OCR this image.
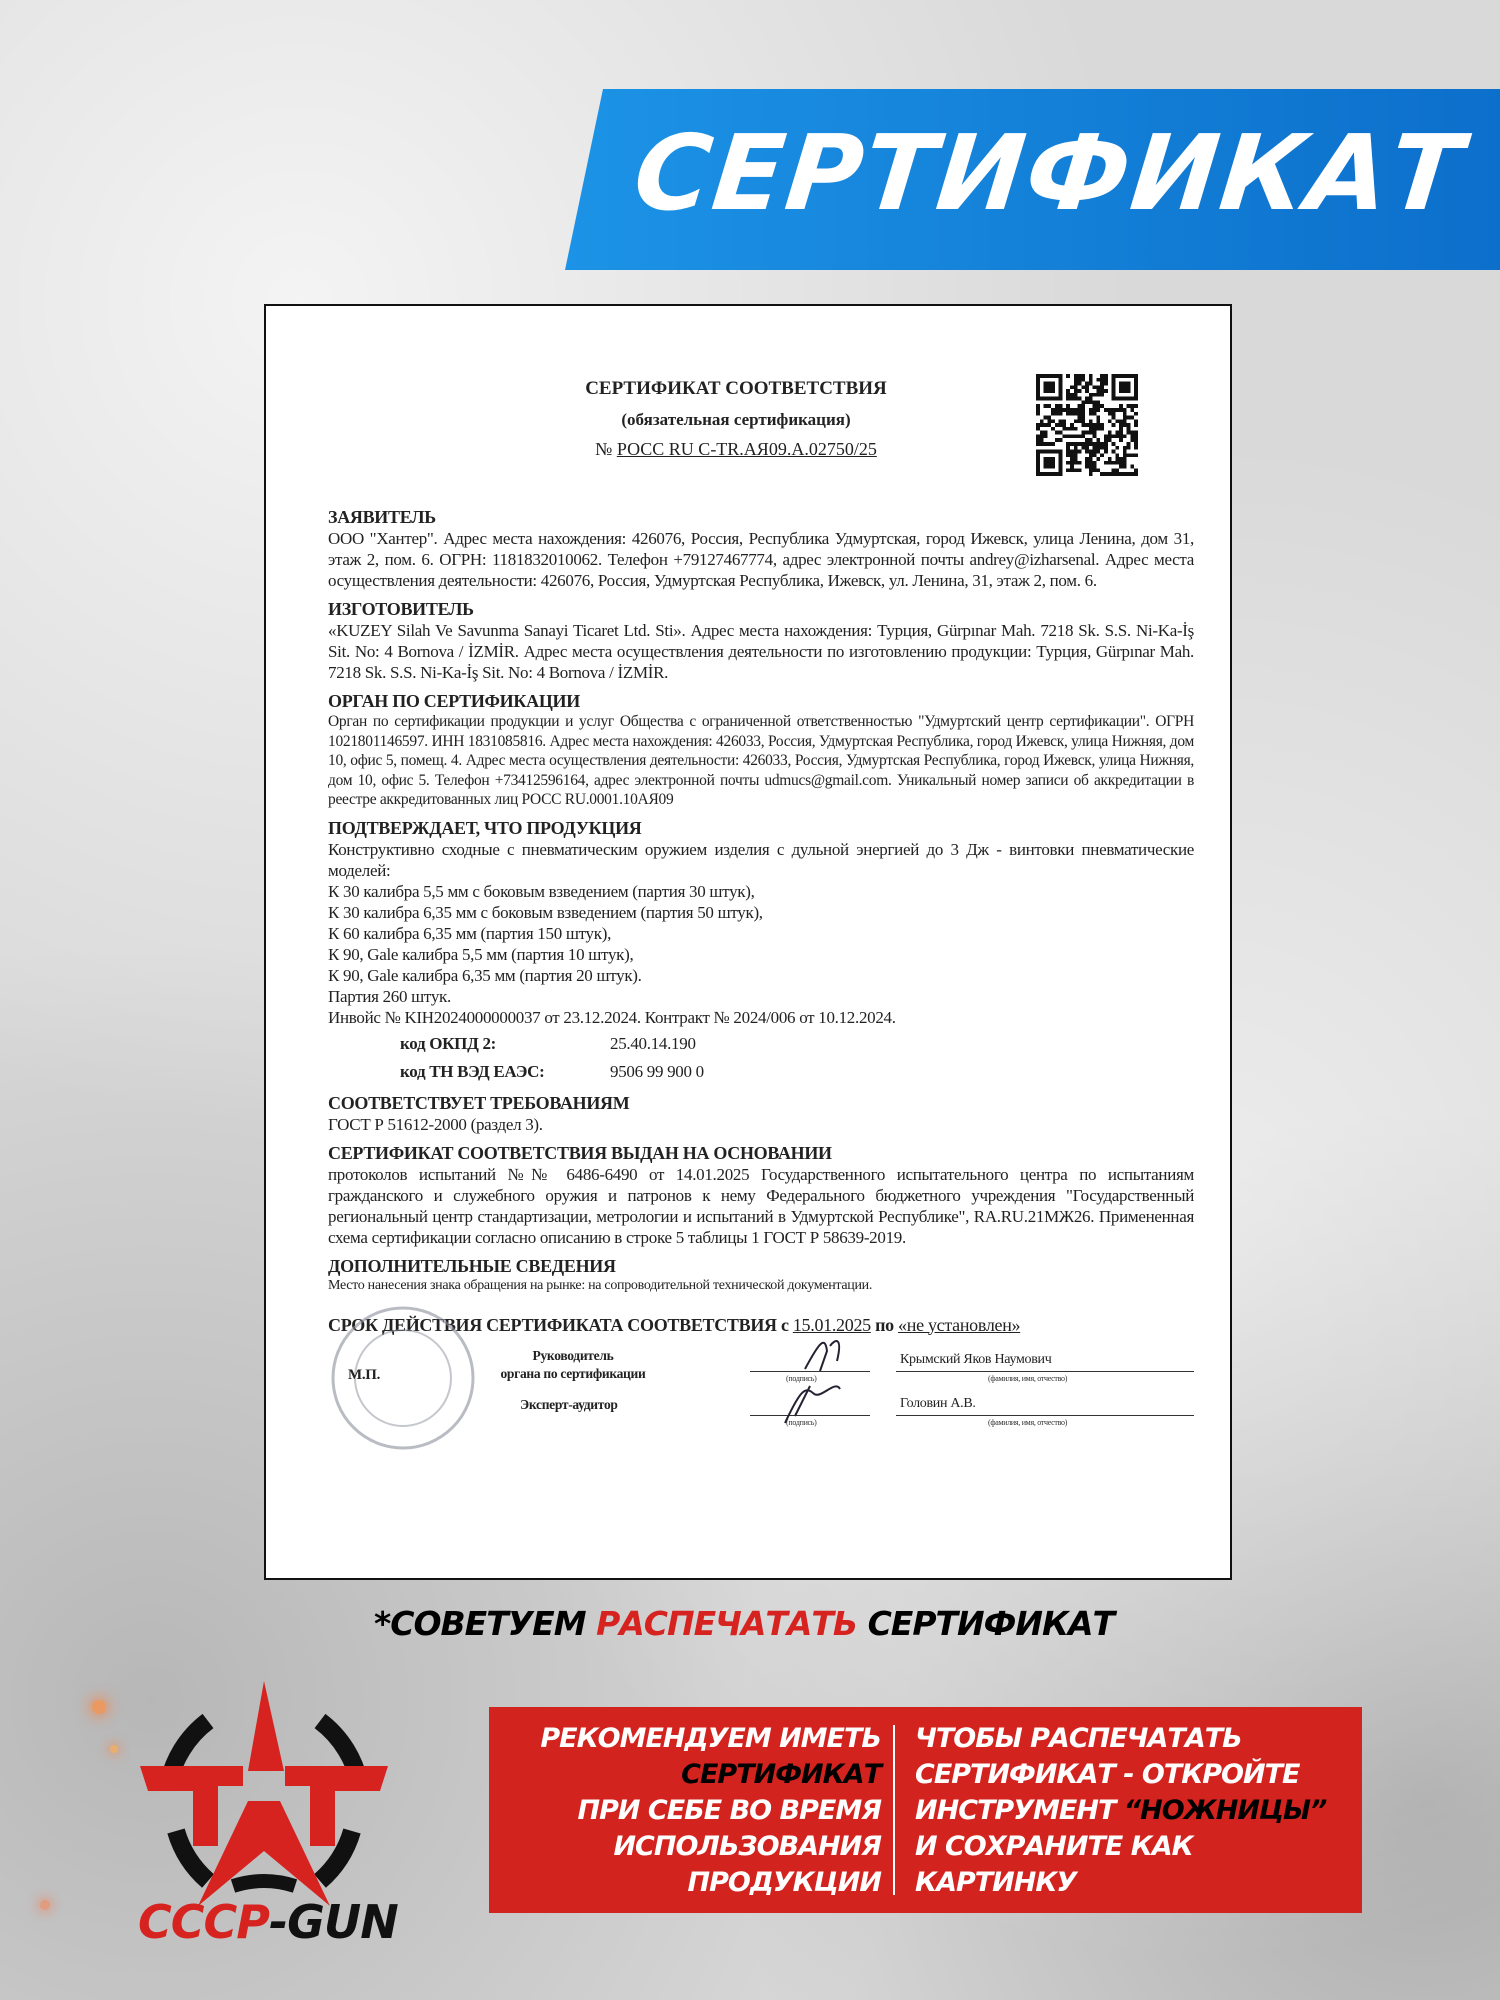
СЕРТИФИКАТ
СЕРТИФИКАТ СООТВЕТСТВИЯ
(обязательная сертификация)
№ РОСС RU С-TR.АЯ09.А.02750/25
ЗАЯВИТЕЛЬ

ООО "Хантер". Адрес места нахождения: 426076, Россия, Республика Удмуртская, город Ижевск, улица Ленина, дом 31, этаж 2, пом. 6. ОГРН: 1181832010062. Телефон +79127467774, адрес электронной почты andrey@izharsenal. Адрес места осуществления деятельности: 426076, Россия, Удмуртская Республика, Ижевск, ул. Ленина, 31, этаж 2, пом. 6.

ИЗГОТОВИТЕЛЬ

«KUZEY Silah Ve Savunma Sanayi Ticaret Ltd. Sti». Адрес места нахождения: Турция, Gürpınar Mah. 7218 Sk. S.S. Ni-Ka-İş Sit. No: 4 Bornova / İZMİR. Адрес места осуществления деятельности по изготовлению продукции: Турция, Gürpınar Mah. 7218 Sk. S.S. Ni-Ka-İş Sit. No: 4 Bornova / İZMİR.

ОРГАН ПО СЕРТИФИКАЦИИ

Орган по сертификации продукции и услуг Общества с ограниченной ответственностью "Удмуртский центр сертификации". ОГРН 1021801146597. ИНН 1831085816. Адрес места нахождения: 426033, Россия, Удмуртская Республика, город Ижевск, улица Нижняя, дом 10, офис 5, помещ. 4. Адрес места осуществления деятельности: 426033, Россия, Удмуртская Республика, город Ижевск, улица Нижняя, дом 10, офис 5. Телефон +73412596164, адрес электронной почты udmucs@gmail.com. Уникальный номер записи об аккредитации в реестре аккредитованных лиц РОСС RU.0001.10АЯ09

ПОДТВЕРЖДАЕТ, ЧТО ПРОДУКЦИЯ

Конструктивно сходные с пневматическим оружием изделия с дульной энергией до 3 Дж - винтовки пневматические моделей:

К 30 калибра 5,5 мм с боковым взведением (партия 30 штук),
К 30 калибра 6,35 мм с боковым взведением (партия 50 штук),
К 60 калибра 6,35 мм (партия 150 штук),
К 90, Gale калибра 5,5 мм (партия 10 штук),
К 90, Gale калибра 6,35 мм (партия 20 штук).
Партия 260 штук.
Инвойс № KIH2024000000037 от 23.12.2024. Контракт № 2024/006 от 10.12.2024.
код ОКПД 2:	25.40.14.190
код ТН ВЭД ЕАЭС:	9506 99 900 0
СООТВЕТСТВУЕТ ТРЕБОВАНИЯМ

ГОСТ Р 51612-2000 (раздел 3).

СЕРТИФИКАТ СООТВЕТСТВИЯ ВЫДАН НА ОСНОВАНИИ

протоколов испытаний №№ 6486-6490 от 14.01.2025 Государственного испытательного центра по испытаниям гражданского и служебного оружия и патронов к нему Федерального бюджетного учреждения "Государственный региональный центр стандартизации, метрологии и испытаний в Удмуртской Республике", RA.RU.21МЖ26. Примененная схема сертификации согласно описанию в строке 5 таблицы 1 ГОСТ Р 58639-2019.

ДОПОЛНИТЕЛЬНЫЕ СВЕДЕНИЯ

Место нанесения знака обращения на рынке: на сопроводительной технической документации.

СРОК ДЕЙСТВИЯ СЕРТИФИКАТА СООТВЕТСТВИЯ с 15.01.2025 по «не установлен»
М.П.
Руководитель
органа по сертификации
Эксперт-аудитор
Крымский Яков Наумович
Головин А.В.
(подпись)
(подпись)
(фамилия, имя, отчество)
(фамилия, имя, отчество)
*СОВЕТУЕМ РАСПЕЧАТАТЬ СЕРТИФИКАТ
СССР-GUN
РЕКОМЕНДУЕМ ИМЕТЬ
СЕРТИФИКАТ
ПРИ СЕБЕ ВО ВРЕМЯ
ИСПОЛЬЗОВАНИЯ
ПРОДУКЦИИ
ЧТОБЫ РАСПЕЧАТАТЬ
СЕРТИФИКАТ - ОТКРОЙТЕ
ИНСТРУМЕНТ “НОЖНИЦЫ”
И СОХРАНИТЕ КАК
КАРТИНКУ
